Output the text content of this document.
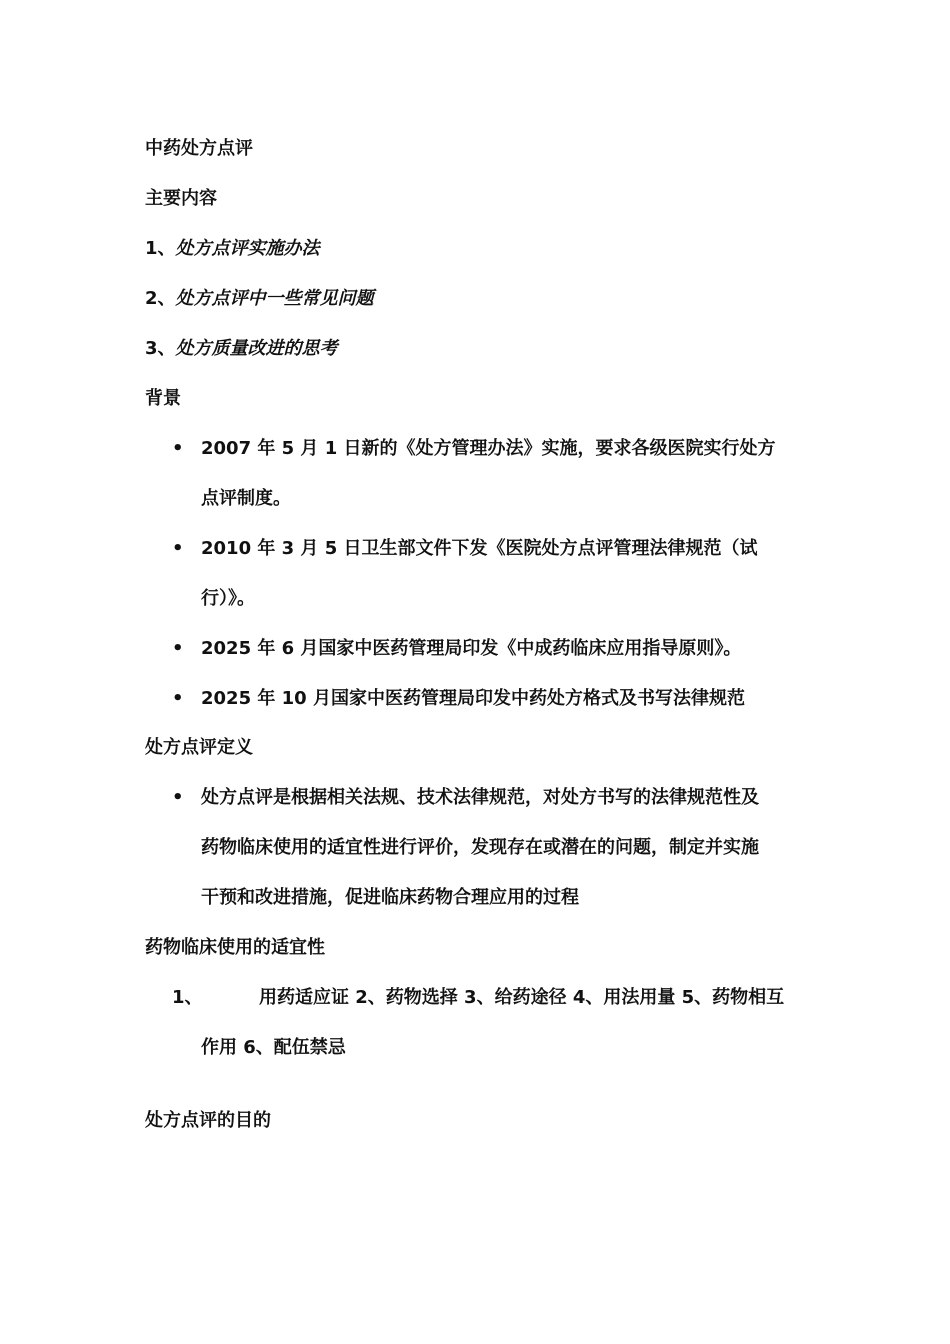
中药处方点评
主要内容
1、处方点评实施办法
2、处方点评中一些常见问题
3、处方质量改进的思考
背景
• 2007 年 5 月 1 日新的《处方管理办法》实施，要求各级医院实行处方
点评制度。
• 2010 年 3 月 5 日卫生部文件下发《医院处方点评管理法律规范（试
行）》。
• 2025 年 6 月国家中医药管理局印发《中成药临床应用指导原则》。
• 2025 年 10 月国家中医药管理局印发中药处方格式及书写法律规范
处方点评定义
• 处方点评是根据相关法规、技术法律规范，对处方书写的法律规范性及
药物临床使用的适宜性进行评价，发现存在或潜在的问题，制定并实施
干预和改进措施，促进临床药物合理应用的过程
药物临床使用的适宜性
1、	用药适应证 2、药物选择 3、给药途径 4、用法用量 5、药物相互
作用 6、配伍禁忌
处方点评的目的
